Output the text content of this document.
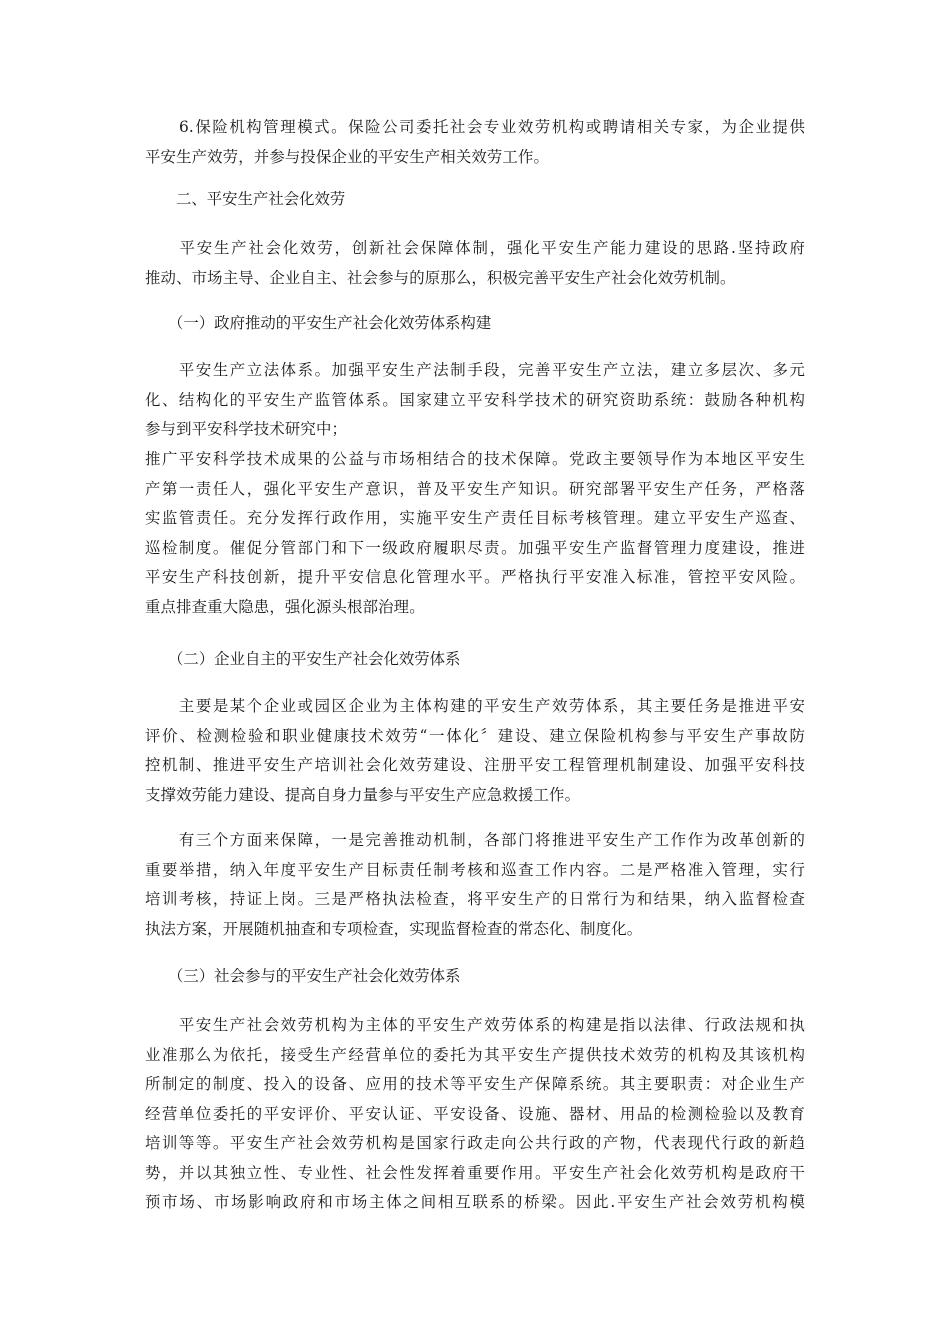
　　6.保险机构管理模式。保险公司委托社会专业效劳机构或聘请相关专家，为企业提供
平安生产效劳，并参与投保企业的平安生产相关效劳工作。

二、平安生产社会化效劳

　　平安生产社会化效劳，创新社会保障体制，强化平安生产能力建设的思路.坚持政府
推动、市场主导、企业自主、社会参与的原那么，积极完善平安生产社会化效劳机制。

（一）政府推动的平安生产社会化效劳体系构建

　　平安生产立法体系。加强平安生产法制手段，完善平安生产立法，建立多层次、多元
化、结构化的平安生产监管体系。国家建立平安科学技术的研究资助系统：鼓励各种机构
参与到平安科学技术研究中；

推广平安科学技术成果的公益与市场相结合的技术保障。党政主要领导作为本地区平安生
产第一责任人，强化平安生产意识，普及平安生产知识。研究部署平安生产任务，严格落
实监管责任。充分发挥行政作用，实施平安生产责任目标考核管理。建立平安生产巡查、
巡检制度。催促分管部门和下一级政府履职尽责。加强平安生产监督管理力度建设，推进
平安生产科技创新，提升平安信息化管理水平。严格执行平安准入标准，管控平安风险。
重点排查重大隐患，强化源头根部治理。

（二）企业自主的平安生产社会化效劳体系

　　主要是某个企业或园区企业为主体构建的平安生产效劳体系，其主要任务是推进平安
评价、检测检验和职业健康技术效劳“一体化〞建设、建立保险机构参与平安生产事故防
控机制、推进平安生产培训社会化效劳建设、注册平安工程管理机制建设、加强平安科技
支撑效劳能力建设、提高自身力量参与平安生产应急救援工作。

　　有三个方面来保障，一是完善推动机制，各部门将推进平安生产工作作为改革创新的
重要举措，纳入年度平安生产目标责任制考核和巡查工作内容。二是严格准入管理，实行
培训考核，持证上岗。三是严格执法检查，将平安生产的日常行为和结果，纳入监督检查
执法方案，开展随机抽查和专项检查，实现监督检查的常态化、制度化。

（三）社会参与的平安生产社会化效劳体系

　　平安生产社会效劳机构为主体的平安生产效劳体系的构建是指以法律、行政法规和执
业准那么为依托，接受生产经营单位的委托为其平安生产提供技术效劳的机构及其该机构
所制定的制度、投入的设备、应用的技术等平安生产保障系统。其主要职责：对企业生产
经营单位委托的平安评价、平安认证、平安设备、设施、器材、用品的检测检验以及教育
培训等等。平安生产社会效劳机构是国家行政走向公共行政的产物，代表现代行政的新趋
势，并以其独立性、专业性、社会性发挥着重要作用。平安生产社会化效劳机构是政府干
预市场、市场影响政府和市场主体之间相互联系的桥梁。因此.平安生产社会效劳机构模
